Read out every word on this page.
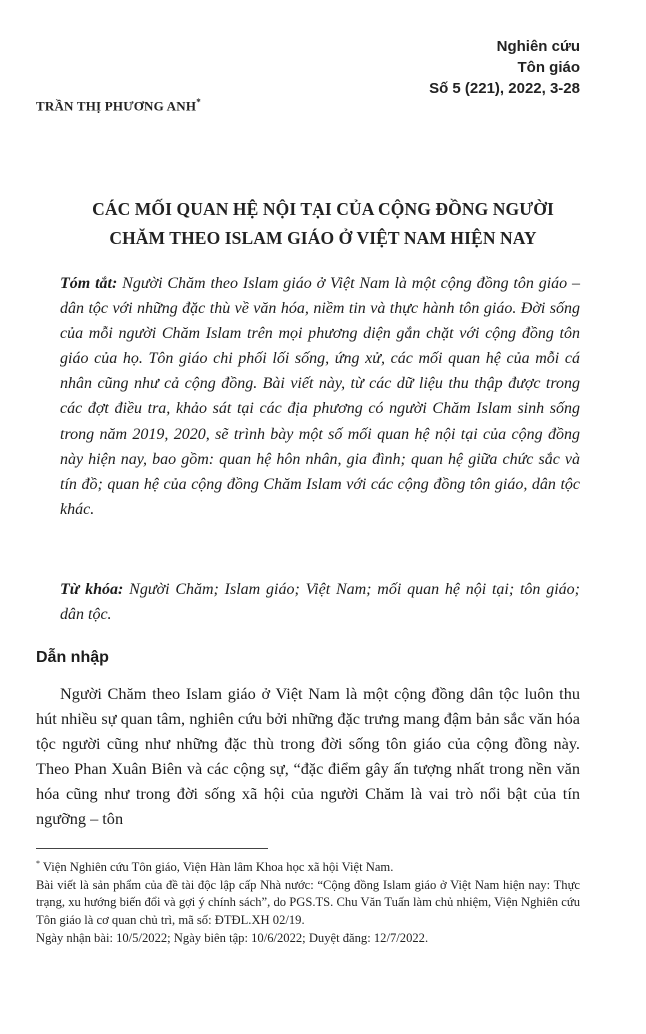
Nghiên cứu
Tôn giáo
Số 5 (221), 2022, 3-28
TRẦN THỊ PHƯƠNG ANH*
CÁC MỐI QUAN HỆ NỘI TẠI CỦA CỘNG ĐỒNG NGƯỜI
CHĂM THEO ISLAM GIÁO Ở VIỆT NAM HIỆN NAY

Tóm tắt: Người Chăm theo Islam giáo ở Việt Nam là một cộng đồng tôn giáo – dân tộc với những đặc thù về văn hóa, niềm tin và thực hành tôn giáo. Đời sống của mỗi người Chăm Islam trên mọi phương diện gắn chặt với cộng đồng tôn giáo của họ. Tôn giáo chi phối lối sống, ứng xử, các mối quan hệ của mỗi cá nhân cũng như cả cộng đồng. Bài viết này, từ các dữ liệu thu thập được trong các đợt điều tra, khảo sát tại các địa phương có người Chăm Islam sinh sống trong năm 2019, 2020, sẽ trình bày một số mối quan hệ nội tại của cộng đồng này hiện nay, bao gồm: quan hệ hôn nhân, gia đình; quan hệ giữa chức sắc và tín đồ; quan hệ của cộng đồng Chăm Islam với các cộng đồng tôn giáo, dân tộc khác.

Từ khóa: Người Chăm; Islam giáo; Việt Nam; mối quan hệ nội tại; tôn giáo; dân tộc.

Dẫn nhập

Người Chăm theo Islam giáo ở Việt Nam là một cộng đồng dân tộc luôn thu hút nhiều sự quan tâm, nghiên cứu bởi những đặc trưng mang đậm bản sắc văn hóa tộc người cũng như những đặc thù trong đời sống tôn giáo của cộng đồng này. Theo Phan Xuân Biên và các cộng sự, “đặc điểm gây ấn tượng nhất trong nền văn hóa cũng như trong đời sống xã hội của người Chăm là vai trò nổi bật của tín ngưỡng – tôn

* Viện Nghiên cứu Tôn giáo, Viện Hàn lâm Khoa học xã hội Việt Nam.

Bài viết là sản phẩm của đề tài độc lập cấp Nhà nước: “Cộng đồng Islam giáo ở Việt Nam hiện nay: Thực trạng, xu hướng biến đổi và gợi ý chính sách”, do PGS.TS. Chu Văn Tuấn làm chủ nhiệm, Viện Nghiên cứu Tôn giáo là cơ quan chủ trì, mã số: ĐTĐL.XH 02/19.

Ngày nhận bài: 10/5/2022; Ngày biên tập: 10/6/2022; Duyệt đăng: 12/7/2022.
